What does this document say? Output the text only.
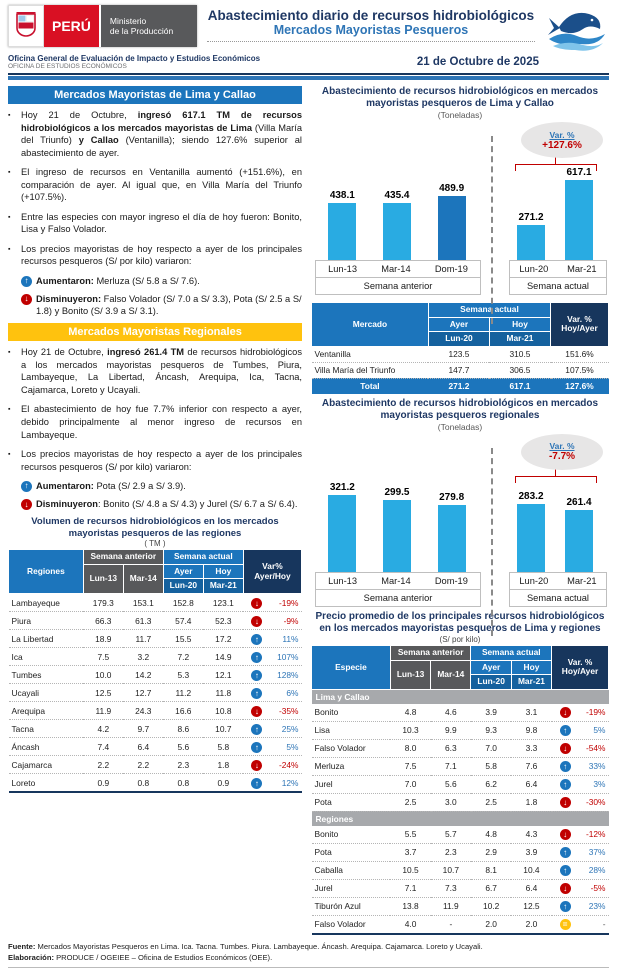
PERÚ	Ministerio
de la Producción
Abastecimiento diario de recursos hidrobiológicos
Mercados Mayoristas Pesqueros
Oficina General de Evaluación de Impacto y Estudios Económicos
OFICINA DE ESTUDIOS ECONÓMICOS	21 de Octubre de 2025
Mercados Mayoristas de Lima y Callao
▪	Hoy 21 de Octubre, ingresó 617.1 TM de recursos hidrobiológicos a los mercados mayoristas de Lima (Villa María del Triunfo) y Callao (Ventanilla); siendo 127.6% superior al abastecimiento de ayer.
▪	El ingreso de recursos en Ventanilla aumentó (+151.6%), en comparación de ayer. Al igual que, en Villa María del Triunfo (+107.5%).
▪	Entre las especies con mayor ingreso el día de hoy fueron: Bonito, Lisa y Falso Volador.
▪	Los precios mayoristas de hoy respecto a ayer de los principales recursos pesqueros (S/ por kilo) variaron:
↑ Aumentaron: Merluza (S/ 5.8 a S/ 7.6).
↓ Disminuyeron: Falso Volador (S/ 7.0 a S/ 3.3), Pota (S/ 2.5 a S/ 1.8) y Bonito (S/ 3.9 a S/ 3.1).
Mercados Mayoristas Regionales
▪	Hoy 21 de Octubre, ingresó 261.4 TM de recursos hidrobiológicos a los mercados mayoristas pesqueros de Tumbes, Piura, Lambayeque, La Libertad, Áncash, Arequipa, Ica, Tacna, Cajamarca, Loreto y Ucayali.
▪	El abastecimiento de hoy fue 7.7% inferior con respecto a ayer, debido principalmente al menor ingreso de recursos en Lambayeque.
▪	Los precios mayoristas de hoy respecto a ayer de los principales recursos pesqueros (S/ por kilo) variaron:
↑ Aumentaron: Pota (S/ 2.9 a S/ 3.9).
↓ Disminuyeron: Bonito (S/ 4.8 a S/ 4.3) y Jurel (S/ 6.7 a S/ 6.4).
Volumen de recursos hidrobiológicos en los mercados mayoristas pesqueros de las regiones
( TM )
Regiones	Semana anterior		Semana actual		Var%
Ayer/Hoy

	Lun-13	Mar-14	Ayer	Hoy	
			Lun-20	Mar-21	
Lambayeque	179.3	153.1	152.8	123.1	↓ -19%

Piura	66.3	61.3	57.4	52.3	↓ -9%

La Libertad	18.9	11.7	15.5	17.2	↑ 11%

Ica	7.5	3.2	7.2	14.9	↑ 107%

Tumbes	10.0	14.2	5.3	12.1	↑ 128%

Ucayali	12.5	12.7	11.2	11.8	↑ 6%

Arequipa	11.9	24.3	16.6	10.8	↓ -35%

Tacna	4.2	9.7	8.6	10.7	↑ 25%

Áncash	7.4	6.4	5.6	5.8	↑ 5%

Cajamarca	2.2	2.2	2.3	1.8	↓ -24%

Loreto	0.9	0.8	0.8	0.9	↑ 12%
Abastecimiento de recursos hidrobiológicos en mercados mayoristas pesqueros de Lima y Callao
(Toneladas)
Var. %
+127.6%
438.1	435.4
489.9
271.2
617.1
Lun-13	Mar-14	Dom-19
Semana anterior
Lun-20 Mar-21
Semana actual
Mercado	Semana actual		Var. %
Hoy/Ayer

	Ayer	Hoy	
	Lun-20	Mar-21	
Ventanilla	123.5	310.5	151.6%
Villa María del Triunfo	147.7	306.5	107.5%
Total	271.2	617.1	127.6%
Abastecimiento de recursos hidrobiológicos en mercados mayoristas pesqueros regionales
(Toneladas)
Var. %
-7.7%
321.2	299.5	279.8	283.2
261.4
Lun-13	Mar-14	Dom-19
Semana anterior
Lun-20 Mar-21
Semana actual
Precio promedio de los principales recursos hidrobiológicos en los mercados mayoristas pesqueros de Lima y regiones
(S/ por kilo)
Especie	Semana anterior		Semana actual		Var. %
Hoy/Ayer

	Lun-13	Mar-14	Ayer	Hoy	
			Lun-20	Mar-21	
Lima y Callao					
Bonito	4.8	4.6	3.9	3.1	↓ -19%

Lisa	10.3	9.9	9.3	9.8	↑ 5%

Falso Volador	8.0	6.3	7.0	3.3	↓ -54%

Merluza	7.5	7.1	5.8	7.6	↑ 33%

Jurel	7.0	5.6	6.2	6.4	↑ 3%

Pota	2.5	3.0	2.5	1.8	↓ -30%

Regiones					
Bonito	5.5	5.7	4.8	4.3	↓ -12%

Pota	3.7	2.3	2.9	3.9	↑ 37%

Caballa	10.5	10.7	8.1	10.4	↑ 28%

Jurel	7.1	7.3	6.7	6.4	↓ -5%

Tiburón Azul	13.8	11.9	10.2	12.5	↑ 23%

Falso Volador	4.0	-	2.0	2.0	= -
Fuente: Mercados Mayoristas Pesqueros en Lima. Ica. Tacna. Tumbes. Piura. Lambayeque. Áncash. Arequipa. Cajamarca. Loreto y Ucayali.
Elaboración: PRODUCE / OGEIEE – Oficina de Estudios Económicos (OEE).
